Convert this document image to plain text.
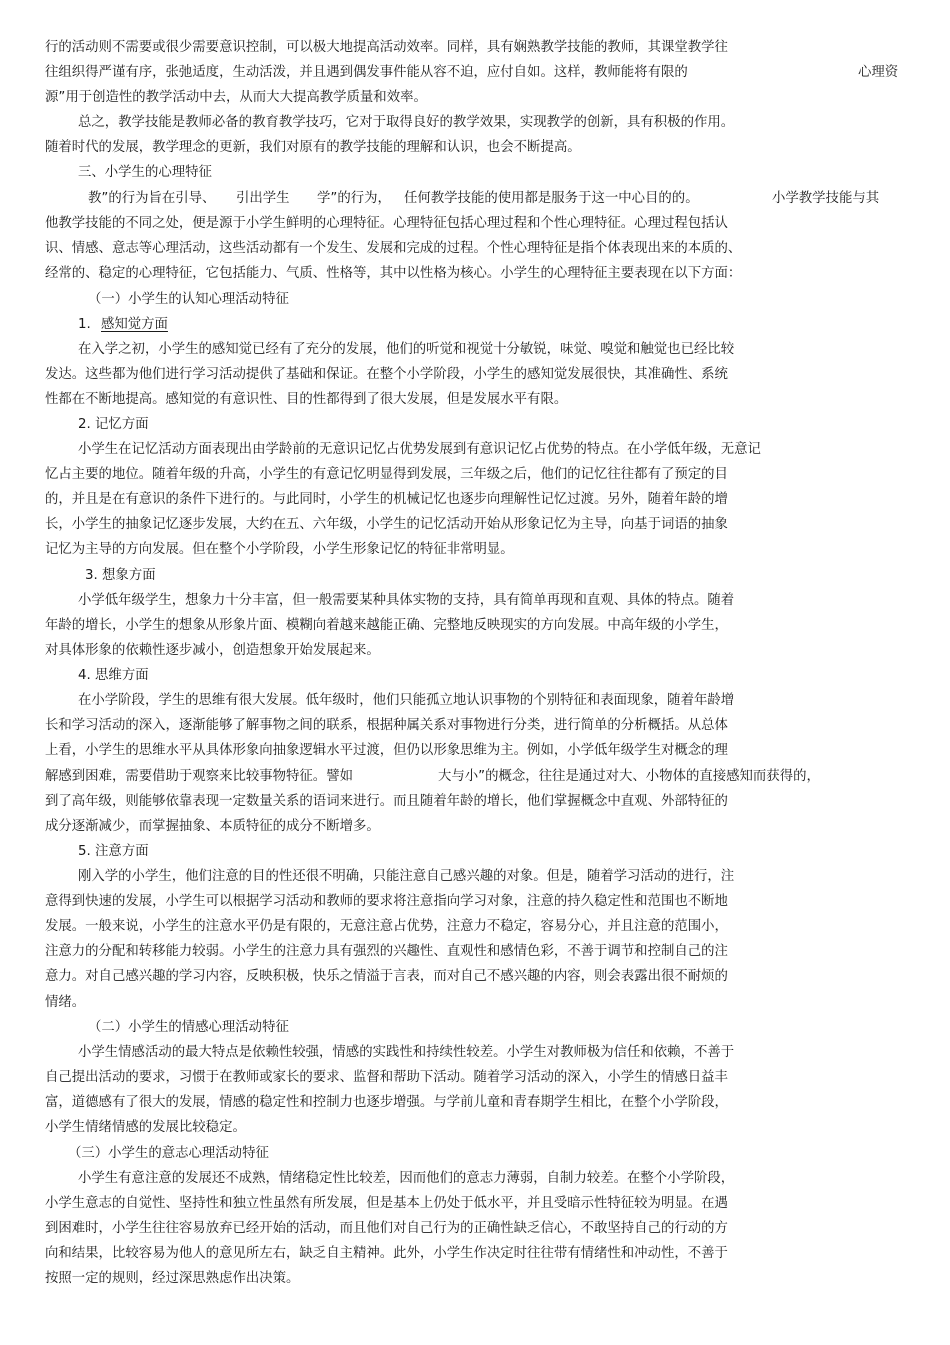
行的活动则不需要或很少需要意识控制，可以极大地提高活动效率。同样，具有娴熟教学技能的教师，其课堂教学往
往组织得严谨有序，张弛适度，生动活泼，并且遇到偶发事件能从容不迫，应付自如。这样，教师能将有限的	心理资
源”用于创造性的教学活动中去，从而大大提高教学质量和效率。
总之，教学技能是教师必备的教育教学技巧，它对于取得良好的教学效果，实现教学的创新，具有积极的作用。
随着时代的发展，教学理念的更新，我们对原有的教学技能的理解和认识，也会不断提高。
三、小学生的心理特征
教”的行为旨在引导、 引出学生 学”的行为， 任何教学技能的使用都是服务于这一中心目的的。	小学教学技能与其
他教学技能的不同之处，便是源于小学生鲜明的心理特征。心理特征包括心理过程和个性心理特征。心理过程包括认
识、情感、意志等心理活动，这些活动都有一个发生、发展和完成的过程。个性心理特征是指个体表现出来的本质的、
经常的、稳定的心理特征，它包括能力、气质、性格等，其中以性格为核心。小学生的心理特征主要表现在以下方面：
（一）小学生的认知心理活动特征
1. 感知觉方面
在入学之初，小学生的感知觉已经有了充分的发展，他们的听觉和视觉十分敏锐，味觉、嗅觉和触觉也已经比较
发达。这些都为他们进行学习活动提供了基础和保证。在整个小学阶段，小学生的感知觉发展很快，其准确性、系统
性都在不断地提高。感知觉的有意识性、目的性都得到了很大发展，但是发展水平有限。
2. 记忆方面
小学生在记忆活动方面表现出由学龄前的无意识记忆占优势发展到有意识记忆占优势的特点。在小学低年级，无意记
忆占主要的地位。随着年级的升高，小学生的有意记忆明显得到发展，三年级之后，他们的记忆往往都有了预定的目
的，并且是在有意识的条件下进行的。与此同时，小学生的机械记忆也逐步向理解性记忆过渡。另外，随着年龄的增
长，小学生的抽象记忆逐步发展，大约在五、六年级，小学生的记忆活动开始从形象记忆为主导，向基于词语的抽象
记忆为主导的方向发展。但在整个小学阶段，小学生形象记忆的特征非常明显。
3. 想象方面
小学低年级学生，想象力十分丰富，但一般需要某种具体实物的支持，具有简单再现和直观、具体的特点。随着
年龄的增长，小学生的想象从形象片面、模糊向着越来越能正确、完整地反映现实的方向发展。中高年级的小学生，
对具体形象的依赖性逐步减小，创造想象开始发展起来。
4. 思维方面
在小学阶段，学生的思维有很大发展。低年级时，他们只能孤立地认识事物的个别特征和表面现象，随着年龄增
长和学习活动的深入，逐渐能够了解事物之间的联系，根据种属关系对事物进行分类，进行简单的分析概括。从总体
上看，小学生的思维水平从具体形象向抽象逻辑水平过渡，但仍以形象思维为主。例如，小学低年级学生对概念的理
解感到困难，需要借助于观察来比较事物特征。譬如	大与小”的概念，往往是通过对大、小物体的直接感知而获得的，
到了高年级，则能够依靠表现一定数量关系的语词来进行。而且随着年龄的增长，他们掌握概念中直观、外部特征的
成分逐渐减少，而掌握抽象、本质特征的成分不断增多。
5. 注意方面
刚入学的小学生，他们注意的目的性还很不明确，只能注意自己感兴趣的对象。但是，随着学习活动的进行，注
意得到快速的发展，小学生可以根据学习活动和教师的要求将注意指向学习对象，注意的持久稳定性和范围也不断地
发展。一般来说，小学生的注意水平仍是有限的，无意注意占优势，注意力不稳定，容易分心，并且注意的范围小，
注意力的分配和转移能力较弱。小学生的注意力具有强烈的兴趣性、直观性和感情色彩，不善于调节和控制自己的注
意力。对自己感兴趣的学习内容，反映积极，快乐之情溢于言表，而对自己不感兴趣的内容，则会表露出很不耐烦的
情绪。
（二）小学生的情感心理活动特征
小学生情感活动的最大特点是依赖性较强，情感的实践性和持续性较差。小学生对教师极为信任和依赖，不善于
自己提出活动的要求，习惯于在教师或家长的要求、监督和帮助下活动。随着学习活动的深入，小学生的情感日益丰
富，道德感有了很大的发展，情感的稳定性和控制力也逐步增强。与学前儿童和青春期学生相比，在整个小学阶段，
小学生情绪情感的发展比较稳定。
（三）小学生的意志心理活动特征
小学生有意注意的发展还不成熟，情绪稳定性比较差，因而他们的意志力薄弱，自制力较差。在整个小学阶段，
小学生意志的自觉性、坚持性和独立性虽然有所发展，但是基本上仍处于低水平，并且受暗示性特征较为明显。在遇
到困难时，小学生往往容易放弃已经开始的活动，而且他们对自己行为的正确性缺乏信心，不敢坚持自己的行动的方
向和结果，比较容易为他人的意见所左右，缺乏自主精神。此外，小学生作决定时往往带有情绪性和冲动性，不善于
按照一定的规则，经过深思熟虑作出决策。
